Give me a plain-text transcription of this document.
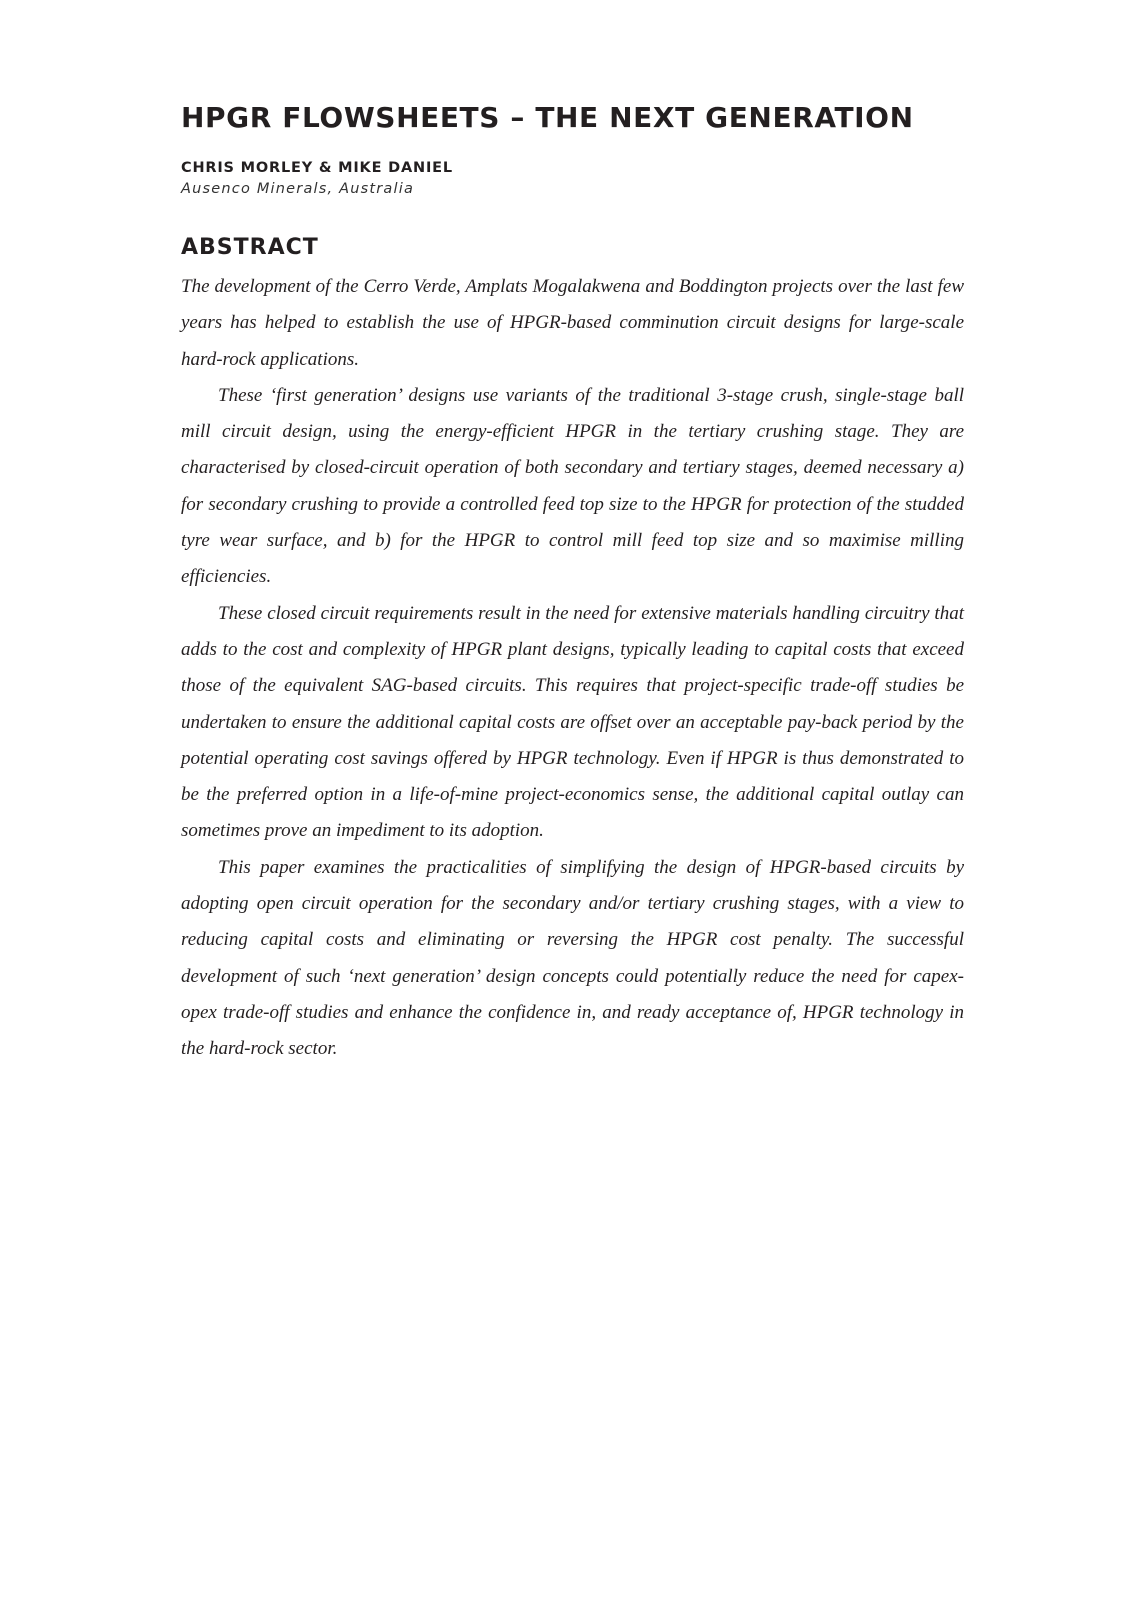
HPGR FLOWSHEETS – THE NEXT GENERATION
CHRIS MORLEY & MIKE DANIEL
Ausenco Minerals, Australia
ABSTRACT

The development of the Cerro Verde, Amplats Mogalakwena and Boddington projects over the last few years has helped to establish the use of HPGR-based comminution circuit designs for large-scale hard-rock applications.

These ‘first generation’ designs use variants of the traditional 3-stage crush, single-stage ball mill circuit design, using the energy-efficient HPGR in the tertiary crushing stage. They are characterised by closed-circuit operation of both secondary and tertiary stages, deemed necessary a) for secondary crushing to provide a controlled feed top size to the HPGR for protection of the studded tyre wear surface, and b) for the HPGR to control mill feed top size and so maximise milling efficiencies.

These closed circuit requirements result in the need for extensive materials handling circuitry that adds to the cost and complexity of HPGR plant designs, typically leading to capital costs that exceed those of the equivalent SAG-based circuits. This requires that project-specific trade-off studies be undertaken to ensure the additional capital costs are offset over an acceptable pay-back period by the potential operating cost savings offered by HPGR technology. Even if HPGR is thus demonstrated to be the preferred option in a life-of-mine project-economics sense, the additional capital outlay can sometimes prove an impediment to its adoption.

This paper examines the practicalities of simplifying the design of HPGR-based circuits by adopting open circuit operation for the secondary and/or tertiary crushing stages, with a view to reducing capital costs and eliminating or reversing the HPGR cost penalty. The successful development of such ‘next generation’ design concepts could potentially reduce the need for capex-opex trade-off studies and enhance the confidence in, and ready acceptance of, HPGR technology in the hard-rock sector.
